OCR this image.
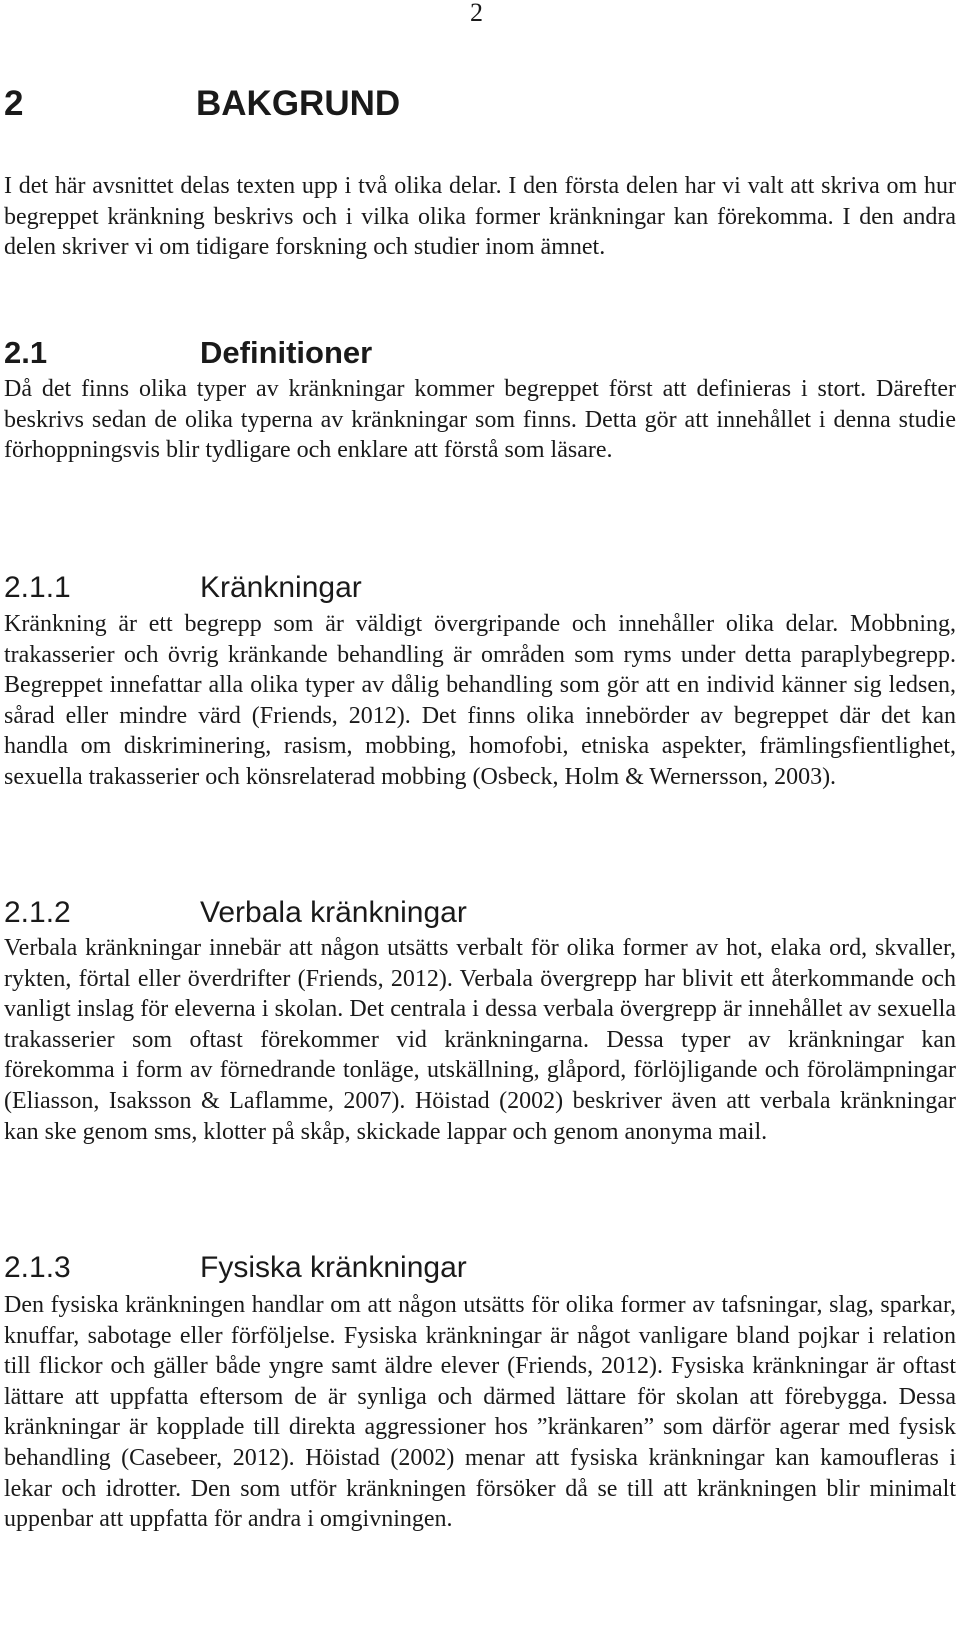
2
2	BAKGRUND

I det här avsnittet delas texten upp i två olika delar. I den första delen har vi valt att skriva om hur begreppet kränkning beskrivs och i vilka olika former kränkningar kan förekomma. I den andra delen skriver vi om tidigare forskning och studier inom ämnet.

2.1	Definitioner

Då det finns olika typer av kränkningar kommer begreppet först att definieras i stort. Därefter beskrivs sedan de olika typerna av kränkningar som finns. Detta gör att innehållet i denna studie förhoppningsvis blir tydligare och enklare att förstå som läsare.

2.1.1	Kränkningar

Kränkning är ett begrepp som är väldigt övergripande och innehåller olika delar. Mobbning, trakasserier och övrig kränkande behandling är områden som ryms under detta paraplybegrepp. Begreppet innefattar alla olika typer av dålig behandling som gör att en individ känner sig ledsen, sårad eller mindre värd (Friends, 2012). Det finns olika innebörder av begreppet där det kan handla om diskriminering, rasism, mobbing, homofobi, etniska aspekter, främlingsfientlighet, sexuella trakasserier och könsrelaterad mobbing (Osbeck, Holm & Wernersson, 2003).

2.1.2	Verbala kränkningar

Verbala kränkningar innebär att någon utsätts verbalt för olika former av hot, elaka ord, skvaller, rykten, förtal eller överdrifter (Friends, 2012). Verbala övergrepp har blivit ett återkommande och vanligt inslag för eleverna i skolan. Det centrala i dessa verbala övergrepp är innehållet av sexuella trakasserier som oftast förekommer vid kränkningarna. Dessa typer av kränkningar kan förekomma i form av förnedrande tonläge, utskällning, glåpord, förlöjligande och förolämpningar (Eliasson, Isaksson & Laflamme, 2007). Höistad (2002) beskriver även att verbala kränkningar kan ske genom sms, klotter på skåp, skickade lappar och genom anonyma mail.

2.1.3	Fysiska kränkningar

Den fysiska kränkningen handlar om att någon utsätts för olika former av tafsningar, slag, sparkar, knuffar, sabotage eller förföljelse. Fysiska kränkningar är något vanligare bland pojkar i relation till flickor och gäller både yngre samt äldre elever (Friends, 2012). Fysiska kränkningar är oftast lättare att uppfatta eftersom de är synliga och därmed lättare för skolan att förebygga. Dessa kränkningar är kopplade till direkta aggressioner hos ”kränkaren” som därför agerar med fysisk behandling (Casebeer, 2012). Höistad (2002) menar att fysiska kränkningar kan kamoufleras i lekar och idrotter. Den som utför kränkningen försöker då se till att kränkningen blir minimalt uppenbar att uppfatta för andra i omgivningen.
